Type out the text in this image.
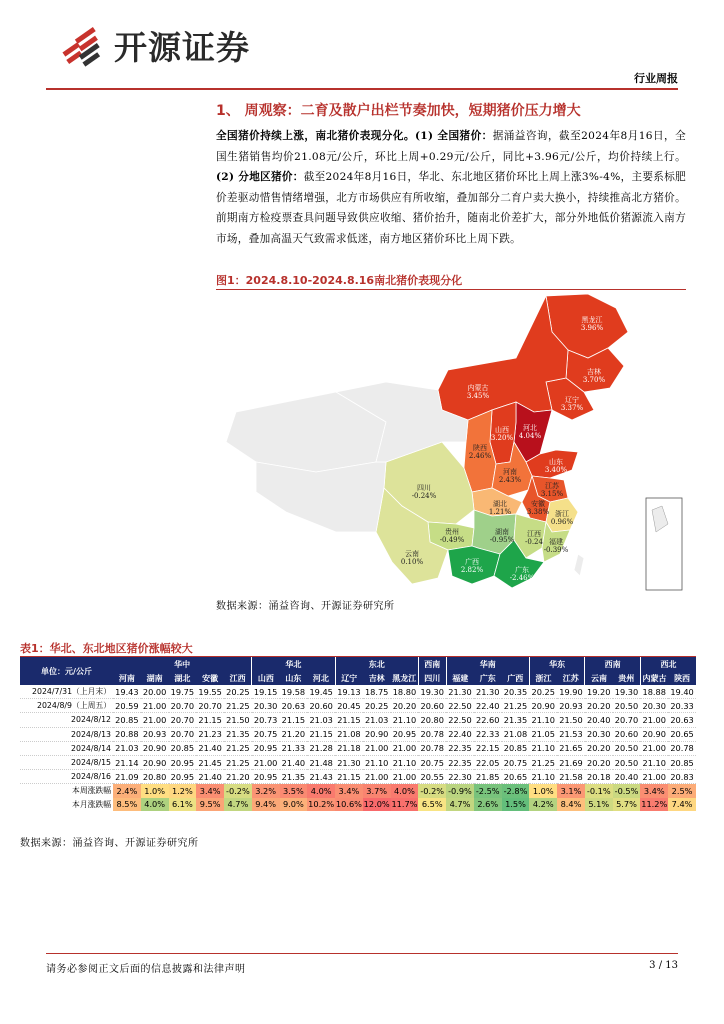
开源证券
行业周报
1、 周观察：二育及散户出栏节奏加快，短期猪价压力增大
全国猪价持续上涨，南北猪价表现分化。(1) 全国猪价：据涌益咨询，截至2024年8月16日，全国生猪销售均价21.08元/公斤，环比上周+0.29元/公斤，同比+3.96元/公斤，均价持续上行。(2) 分地区猪价：截至2024年8月16日，华北、东北地区猪价环比上周上涨3%-4%，主要系标肥价差驱动惜售情绪增强，北方市场供应有所收缩，叠加部分二育户卖大换小，持续推高北方猪价。前期南方检疫票查具问题导致供应收缩、猪价抬升，随南北价差扩大，部分外地低价猪源流入南方市场，叠加高温天气致需求低迷，南方地区猪价环比上周下跌。
图1：2024.8.10-2024.8.16南北猪价表现分化
黑龙江
3.96%
吉林
3.70%
辽宁
3.37%
内蒙古
3.45%
河北
4.04%
山西
3.20%
山东
3.40%
陕西
2.46%
河南
2.43%
江苏
3.15%
安徽
3.38%
湖北
1.21%
四川
-0.24%
浙江
0.96%
贵州
-0.49%
湖南
-0.95%
江西
-0.24 福建
-0.39%
云南
0.10%	广西
2.82%	广东
-2.46%
数据来源：涌益咨询、开源证券研究所
表1：华北、东北地区猪价涨幅较大
单位：元/公斤	华中					华北			东北			西南	华南			华东		西南		西北	
	河南	湖南	湖北	安徽	江西	山西	山东	河北	辽宁	吉林	黑龙江	四川	福建	广东	广西	浙江	江苏	云南	贵州	内蒙古	陕西
2024/7/31（上月末）	19.43	20.00	19.75	19.55	20.25	19.15	19.58	19.45	19.13	18.75	18.80	19.30	21.30	21.30	20.35	20.25	19.90	19.20	19.30	18.88	19.40
2024/8/9（上周五）	20.59	21.00	20.70	20.70	21.25	20.30	20.63	20.60	20.45	20.25	20.20	20.60	22.50	22.40	21.25	20.90	20.93	20.20	20.50	20.30	20.33
2024/8/12	20.85	21.00	20.70	21.15	21.50	20.73	21.15	21.03	21.15	21.03	21.10	20.80	22.50	22.60	21.35	21.10	21.50	20.40	20.70	21.00	20.63
2024/8/13	20.88	20.93	20.70	21.23	21.35	20.75	21.20	21.15	21.08	20.90	20.95	20.78	22.40	22.33	21.08	21.05	21.53	20.30	20.60	20.90	20.65
2024/8/14	21.03	20.90	20.85	21.40	21.25	20.95	21.33	21.28	21.18	21.00	21.00	20.78	22.35	22.15	20.85	21.10	21.65	20.20	20.50	21.00	20.78
2024/8/15	21.14	20.90	20.95	21.45	21.25	21.00	21.40	21.48	21.30	21.10	21.10	20.75	22.35	22.05	20.75	21.25	21.69	20.20	20.50	21.10	20.85
2024/8/16	21.09	20.80	20.95	21.40	21.20	20.95	21.35	21.43	21.15	21.00	21.00	20.55	22.30	21.85	20.65	21.10	21.58	20.18	20.40	21.00	20.83
本周涨跌幅	2.4%	1.0%	1.2%	3.4%	-0.2%	3.2%	3.5%	4.0%	3.4%	3.7%	4.0%	-0.2%	-0.9%	-2.5%	-2.8%	1.0%	3.1%	-0.1%	-0.5%	3.4%	2.5%
本月涨跌幅	8.5%	4.0%	6.1%	9.5%	4.7%	9.4%	9.0%	10.2%	10.6%	12.0%	11.7%	6.5%	4.7%	2.6%	1.5%	4.2%	8.4%	5.1%	5.7%	11.2%	7.4%
数据来源：涌益咨询、开源证券研究所
请务必参阅正文后面的信息披露和法律声明	3 / 13
